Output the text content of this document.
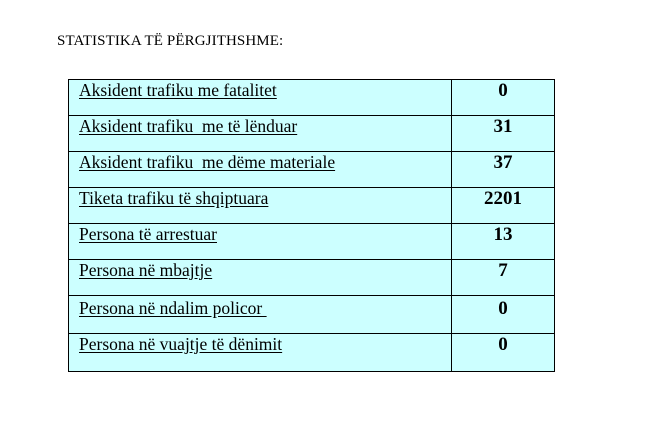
STATISTIKA TË PËRGJITHSHME:
Aksident trafiku me fatalitet	0
Aksident trafiku  me të lënduar	31
Aksident trafiku  me dëme materiale	37
Tiketa trafiku të shqiptuara	2201
Persona të arrestuar	13
Persona në mbajtje	7
Persona në ndalim policor	0
Persona në vuajtje të dënimit	0
